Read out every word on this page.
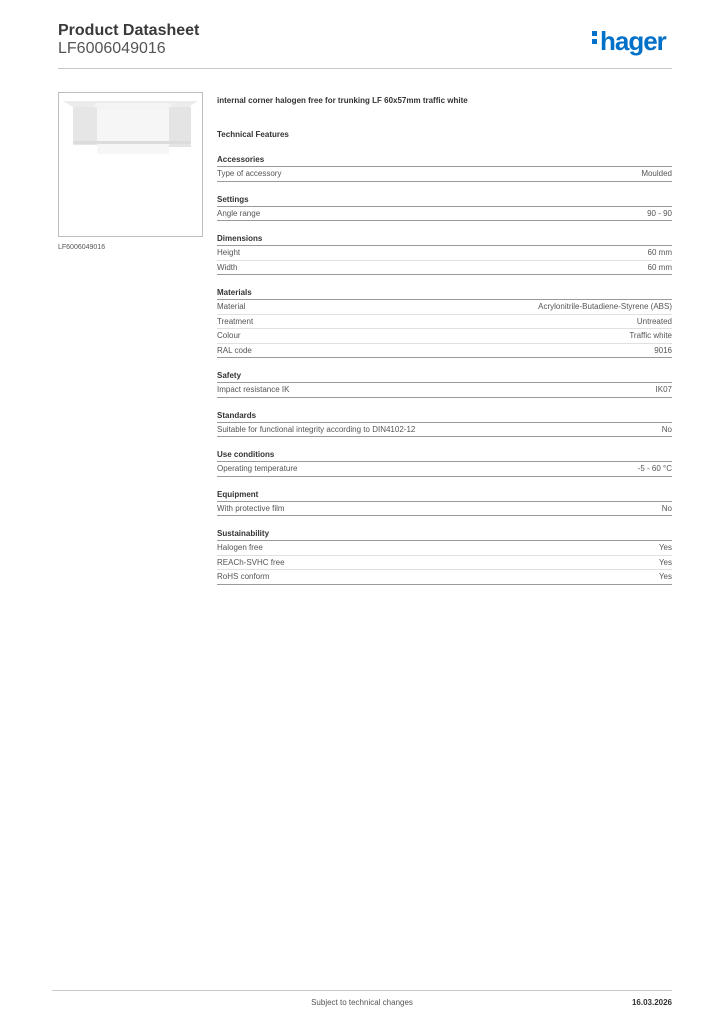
Product Datasheet
LF6006049016	hager
LF6006049016
internal corner halogen free for trunking LF 60x57mm traffic white
Technical Features
Accessories
Type of accessory	Moulded
Settings
Angle range	90 - 90
Dimensions
Height	60 mm
Width	60 mm
Materials
Material	Acrylonitrile-Butadiene-Styrene (ABS)
Treatment	Untreated
Colour	Traffic white
RAL code	9016
Safety
Impact resistance IK	IK07
Standards
Suitable for functional integrity according to DIN4102-12	No
Use conditions
Operating temperature	-5 - 60 °C
Equipment
With protective film	No
Sustainability
Halogen free	Yes
REACh-SVHC free	Yes
RoHS conform	Yes
Subject to technical changes	16.03.2026
